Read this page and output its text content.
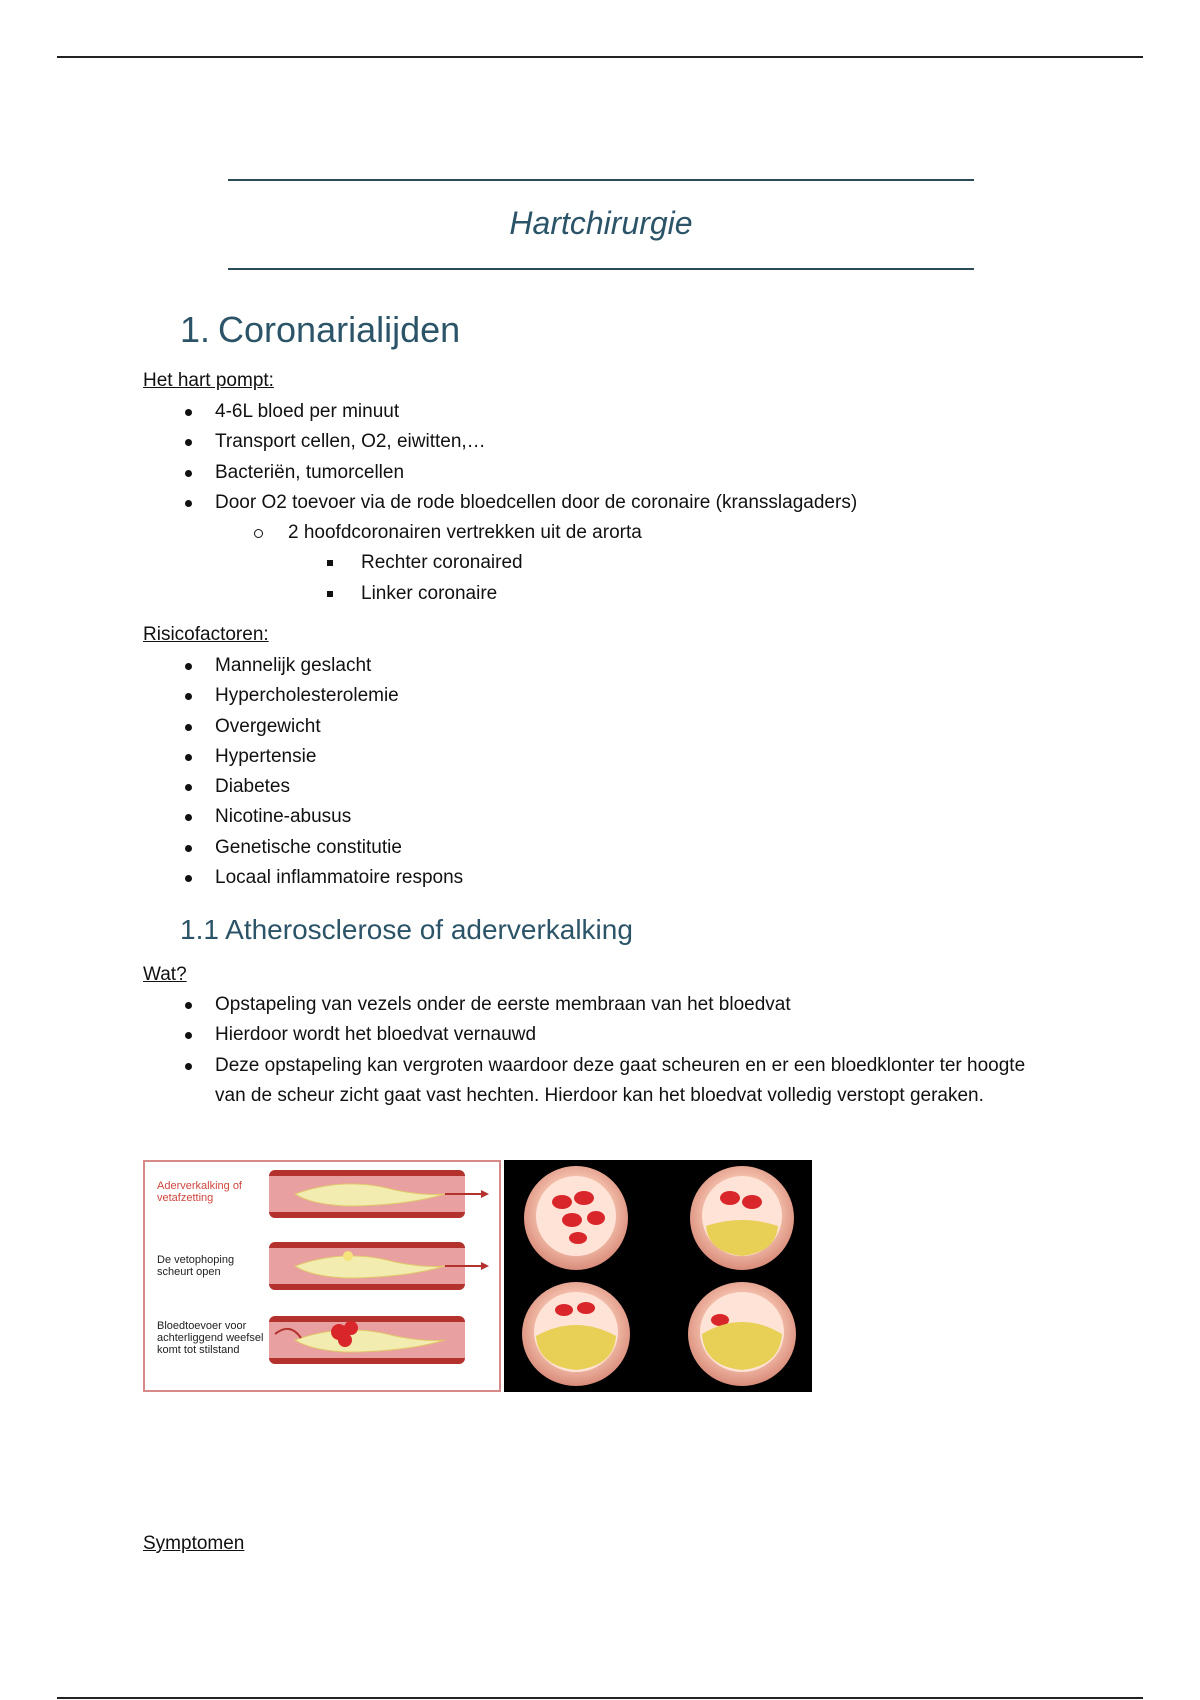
Hartchirurgie
1. Coronarialijden
Het hart pompt:
4-6L bloed per minuut
Transport cellen, O2, eiwitten,…
Bacteriën, tumorcellen
Door O2 toevoer via de rode bloedcellen door de coronaire (kransslagaders)
2 hoofdcoronairen vertrekken uit de arorta
Rechter coronaired
Linker coronaire
Risicofactoren:
Mannelijk geslacht
Hypercholesterolemie
Overgewicht
Hypertensie
Diabetes
Nicotine-abusus
Genetische constitutie
Locaal inflammatoire respons
1.1 Atherosclerose of aderverkalking
Wat?
Opstapeling van vezels onder de eerste membraan van het bloedvat
Hierdoor wordt het bloedvat vernauwd
Deze opstapeling kan vergroten waardoor deze gaat scheuren en er een bloedklonter ter hoogte van de scheur zicht gaat vast hechten. Hierdoor kan het bloedvat volledig verstopt geraken.
Aderverkalking of vetafzetting
De vetophoping scheurt open
Bloedtoevoer voor achterliggend weefsel komt tot stilstand
Symptomen
